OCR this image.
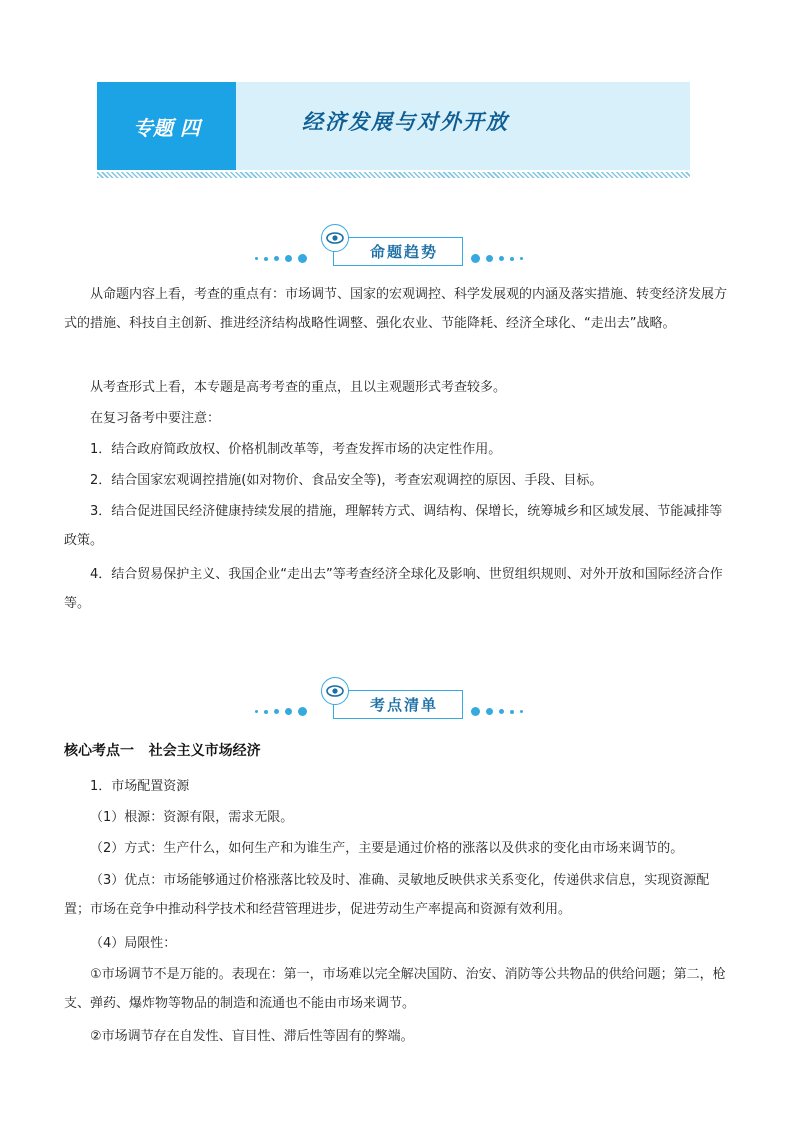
专题 四	经济发展与对外开放
命题趋势

从命题内容上看，考查的重点有：市场调节、国家的宏观调控、科学发展观的内涵及落实措施、转变经济发展方式的措施、科技自主创新、推进经济结构战略性调整、强化农业、节能降耗、经济全球化、“走出去”战略。

从考查形式上看，本专题是高考考查的重点，且以主观题形式考查较多。

在复习备考中要注意：

1．结合政府简政放权、价格机制改革等，考查发挥市场的决定性作用。

2．结合国家宏观调控措施(如对物价、食品安全等)，考查宏观调控的原因、手段、目标。

3．结合促进国民经济健康持续发展的措施，理解转方式、调结构、保增长，统筹城乡和区域发展、节能减排等政策。

4．结合贸易保护主义、我国企业“走出去”等考查经济全球化及影响、世贸组织规则、对外开放和国际经济合作等。

考点清单
核心考点一   社会主义市场经济

1．市场配置资源

（1）根源：资源有限，需求无限。

（2）方式：生产什么，如何生产和为谁生产，主要是通过价格的涨落以及供求的变化由市场来调节的。

（3）优点：市场能够通过价格涨落比较及时、准确、灵敏地反映供求关系变化，传递供求信息，实现资源配置；市场在竞争中推动科学技术和经营管理进步，促进劳动生产率提高和资源有效利用。

（4）局限性：

①市场调节不是万能的。表现在：第一，市场难以完全解决国防、治安、消防等公共物品的供给问题；第二，枪支、弹药、爆炸物等物品的制造和流通也不能由市场来调节。

②市场调节存在自发性、盲目性、滞后性等固有的弊端。
